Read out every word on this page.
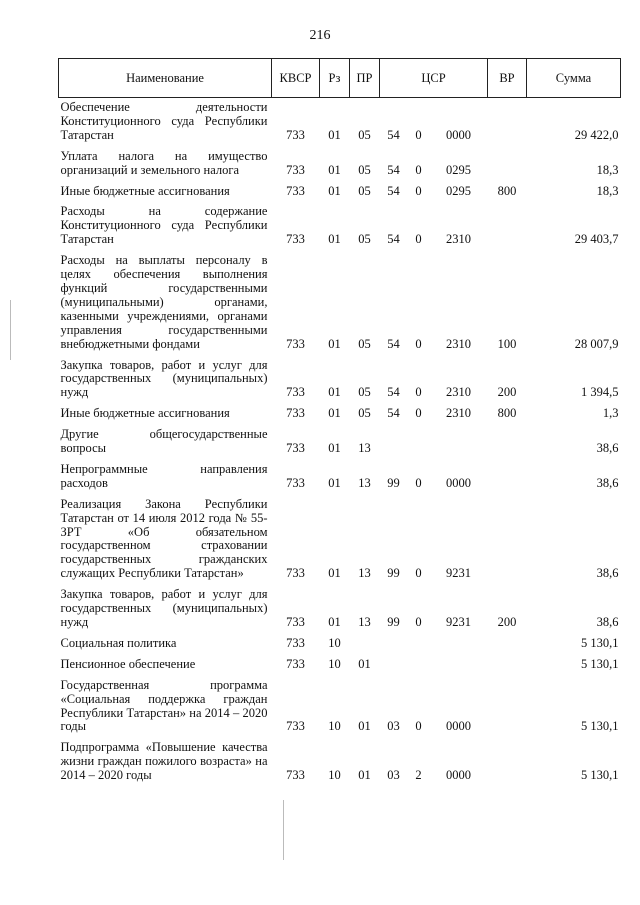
216
Наименование	КВСР	Рз	ПР	ЦСР			ВР	Сумма
Обеспечение деятельности Конституционного суда Республики Татарстан	733	01	05	54	0	0000		29 422,0
Уплата налога на имущество организаций и земельного налога	733	01	05	54	0	0295		18,3
Иные бюджетные ассигнования	733	01	05	54	0	0295	800	18,3
Расходы на содержание Конституционного суда Республики Татарстан	733	01	05	54	0	2310		29 403,7
Расходы на выплаты персоналу в целях обеспечения выполнения функций государственными (муниципальными) органами, казенными учреждениями, органами управления государственными внебюджетными фондами	733	01	05	54	0	2310	100	28 007,9
Закупка товаров, работ и услуг для государственных (муниципальных) нужд	733	01	05	54	0	2310	200	1 394,5
Иные бюджетные ассигнования	733	01	05	54	0	2310	800	1,3
Другие общегосударственные вопросы	733	01	13					38,6
Непрограммные направления расходов	733	01	13	99	0	0000		38,6
Реализация Закона Республики Татарстан от 14 июля 2012 года № 55-ЗРТ «Об обязательном государственном страховании государственных гражданских служащих Республики Татарстан»	733	01	13	99	0	9231		38,6
Закупка товаров, работ и услуг для государственных (муниципальных) нужд	733	01	13	99	0	9231	200	38,6
Социальная политика	733	10						5 130,1
Пенсионное обеспечение	733	10	01					5 130,1
Государственная программа «Социальная поддержка граждан Республики Татарстан» на 2014 – 2020 годы	733	10	01	03	0	0000		5 130,1
Подпрограмма «Повышение качества жизни граждан пожилого возраста» на 2014 – 2020 годы	733	10	01	03	2	0000		5 130,1
